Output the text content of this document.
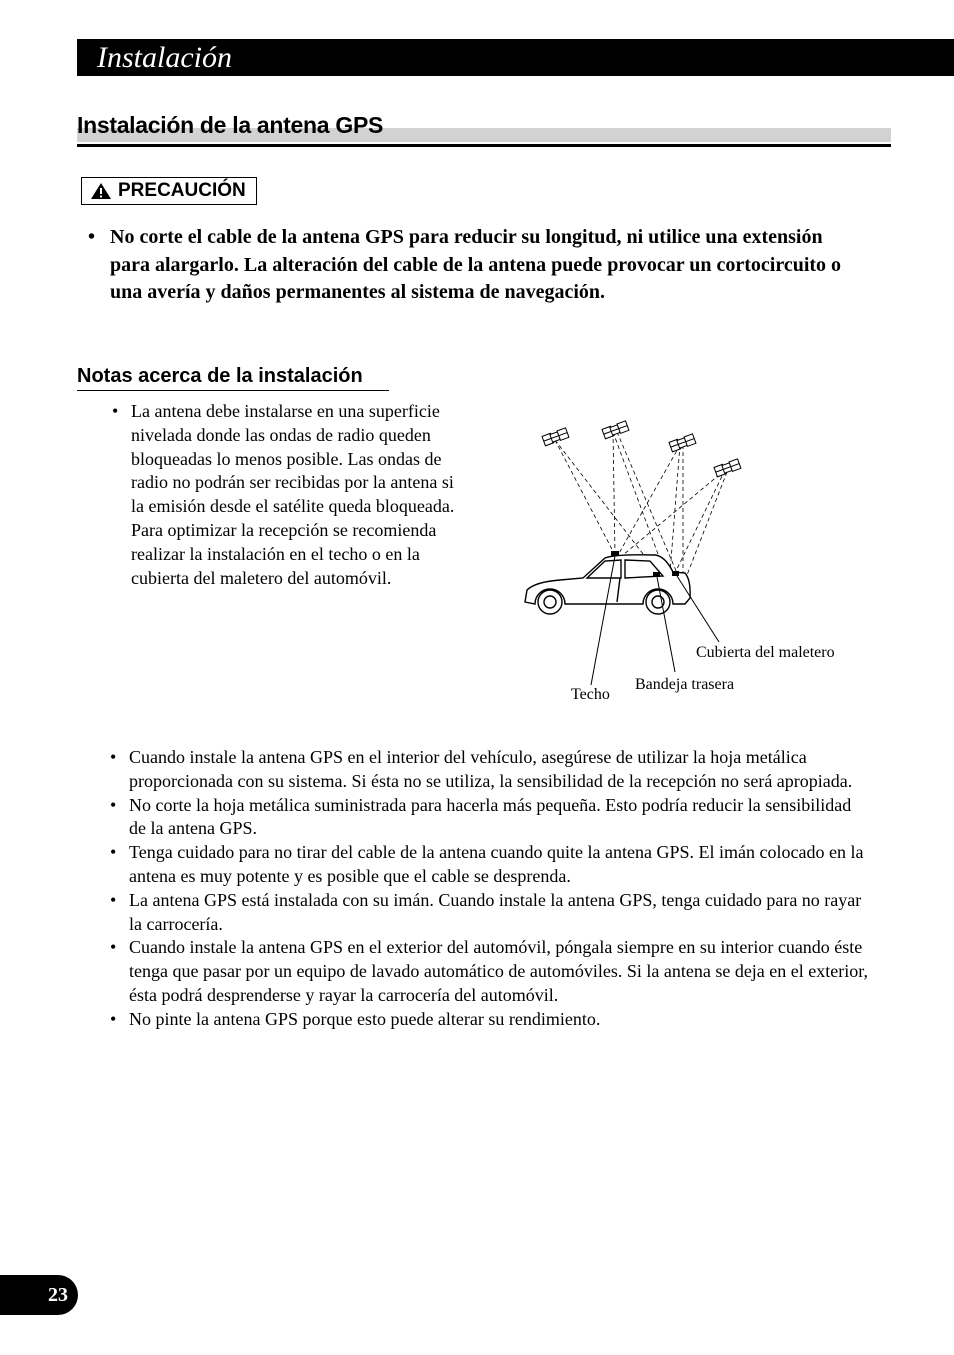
Instalación
Instalación de la antena GPS
PRECAUCIÓN
• No corte el cable de la antena GPS para reducir su longitud, ni utilice una extensión para alargarlo. La alteración del cable de la antena puede provocar un cortocircuito o una avería y daños permanentes al sistema de navegación.
Notas acerca de la instalación
• La antena debe instalarse en una superficie nivelada donde las ondas de radio queden bloqueadas lo menos posible. Las ondas de radio no podrán ser recibidas por la antena si la emisión desde el satélite queda bloqueada. Para optimizar la recepción se recomienda realizar la instalación en el techo o en la cubierta del maletero del automóvil.
Cubierta del maletero
Bandeja trasera
Techo
• Cuando instale la antena GPS en el interior del vehículo, asegúrese de utilizar la hoja metálica proporcionada con su sistema. Si ésta no se utiliza, la sensibilidad de la recepción no será apropiada.
• No corte la hoja metálica suministrada para hacerla más pequeña. Esto podría reducir la sensibilidad de la antena GPS.
• Tenga cuidado para no tirar del cable de la antena cuando quite la antena GPS. El imán colocado en la antena es muy potente y es posible que el cable se desprenda.
• La antena GPS está instalada con su imán. Cuando instale la antena GPS, tenga cuidado para no rayar la carrocería.
• Cuando instale la antena GPS en el exterior del automóvil, póngala siempre en su interior cuando éste tenga que pasar por un equipo de lavado automático de automóviles. Si la antena se deja en el exterior, ésta podrá desprenderse y rayar la carrocería del automóvil.
• No pinte la antena GPS porque esto puede alterar su rendimiento.
23
